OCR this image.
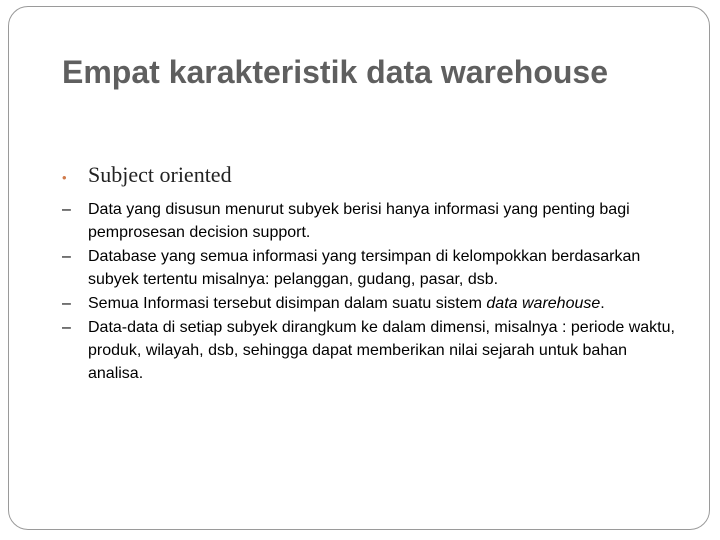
Empat karakteristik data warehouse
• Subject oriented
– Data yang disusun menurut subyek berisi hanya informasi yang penting bagi pemprosesan decision support.
– Database yang semua informasi yang tersimpan di kelompokkan berdasarkan subyek tertentu misalnya: pelanggan, gudang, pasar, dsb.
– Semua Informasi tersebut disimpan dalam suatu sistem data warehouse.
– Data-data di setiap subyek dirangkum ke dalam dimensi, misalnya : periode waktu, produk, wilayah, dsb, sehingga dapat memberikan nilai sejarah untuk bahan analisa.
